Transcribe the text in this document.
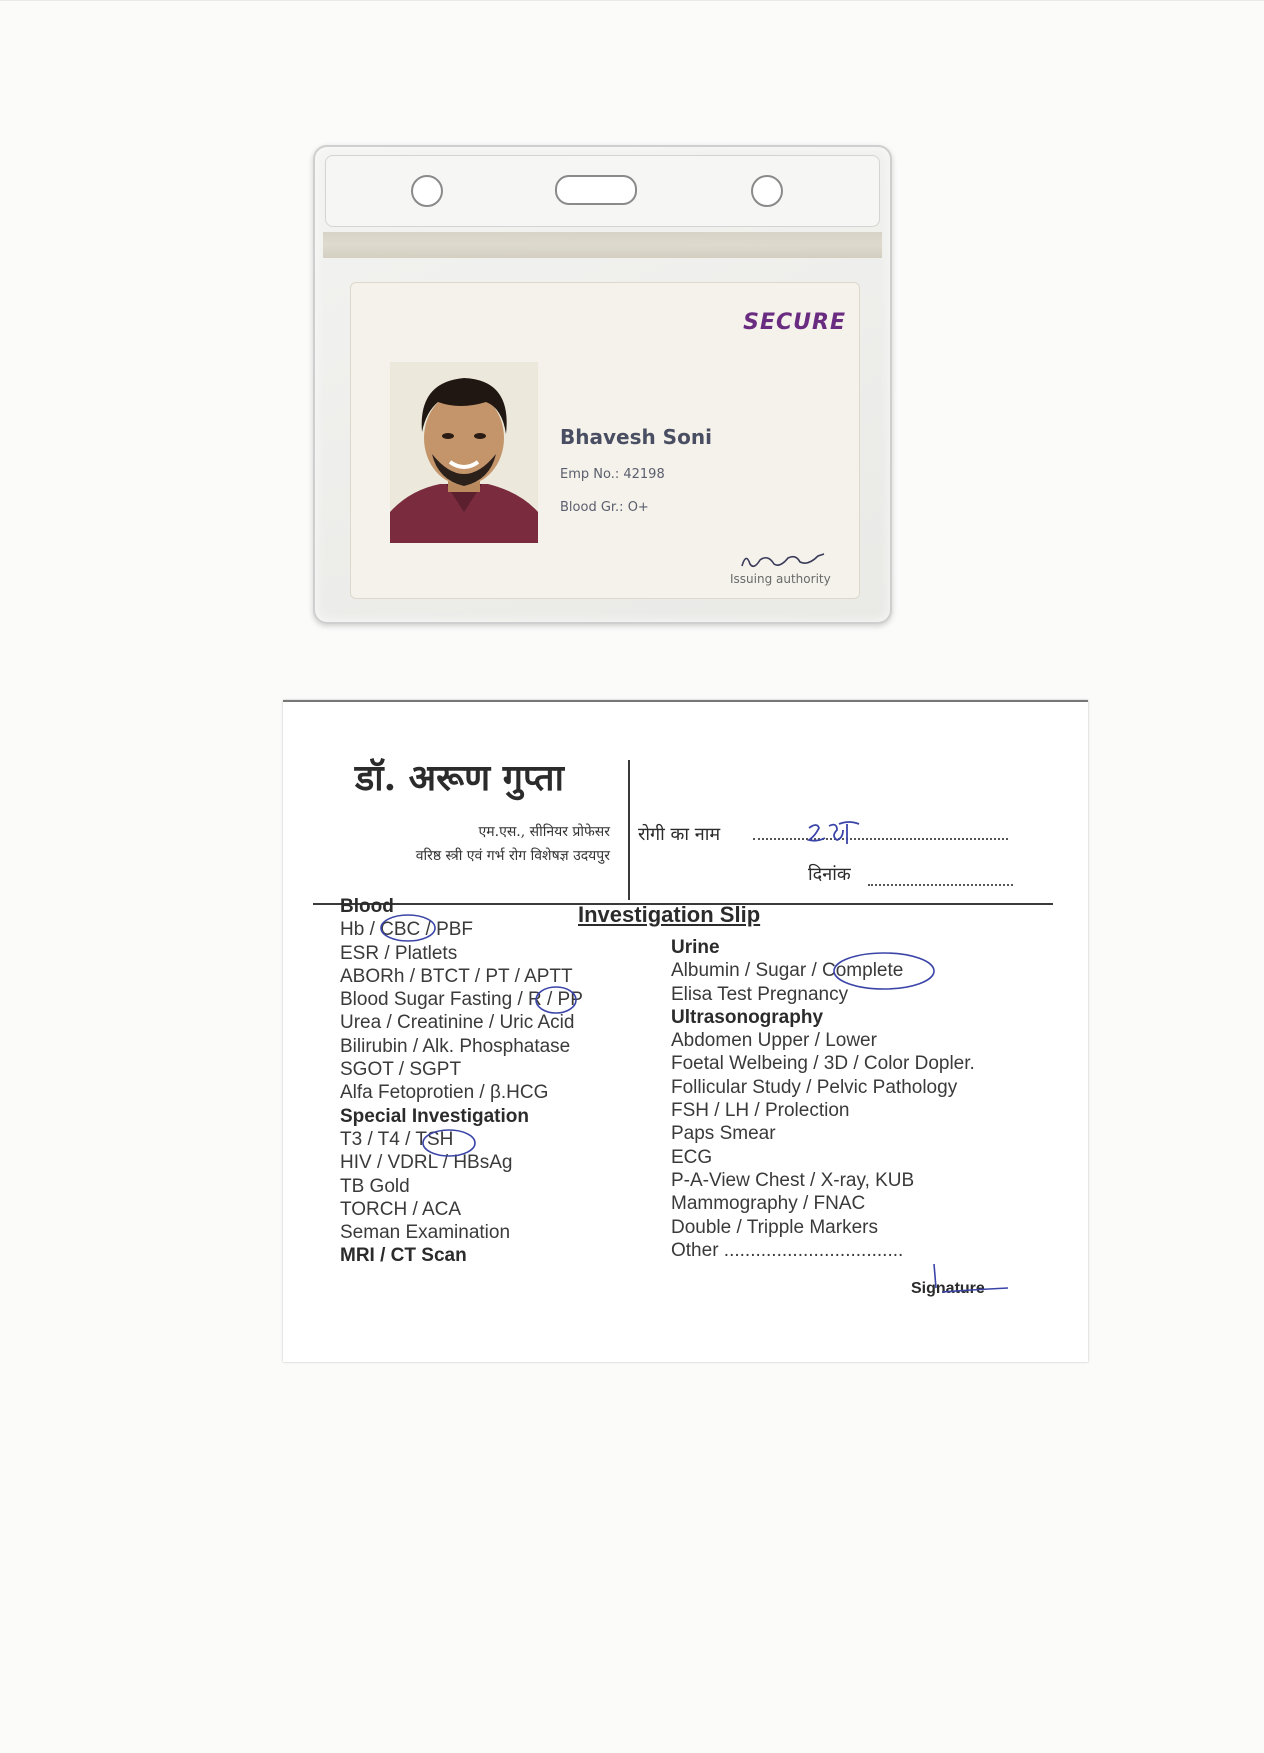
SECURE
Bhavesh Soni
Emp No.: 42198
Blood Gr.: O+
Issuing authority
डॉ. अरूण गुप्ता
एम.एस., सीनियर प्रोफेसर
वरिष्ठ स्त्री एवं गर्भ रोग विशेषज्ञ उदयपुर
रोगी का नाम
दिनांक
Investigation Slip
Blood
Hb / CBC / PBF
ESR / Platlets
ABORh / BTCT / PT / APTT
Blood Sugar Fasting / R / PP
Urea / Creatinine / Uric Acid
Bilirubin / Alk. Phosphatase
SGOT / SGPT
Alfa Fetoprotien / β.HCG
Special Investigation
T3 / T4 / TSH
HIV / VDRL / HBsAg
TB Gold
TORCH / ACA
Seman Examination
MRI / CT Scan
Urine
Albumin / Sugar / Complete
Elisa Test Pregnancy
Ultrasonography
Abdomen Upper / Lower
Foetal Welbeing / 3D / Color Dopler.
Follicular Study / Pelvic Pathology
FSH / LH / Prolection
Paps Smear
ECG
P-A-View Chest / X-ray, KUB
Mammography / FNAC
Double / Tripple Markers
Other ..................................
Signature
